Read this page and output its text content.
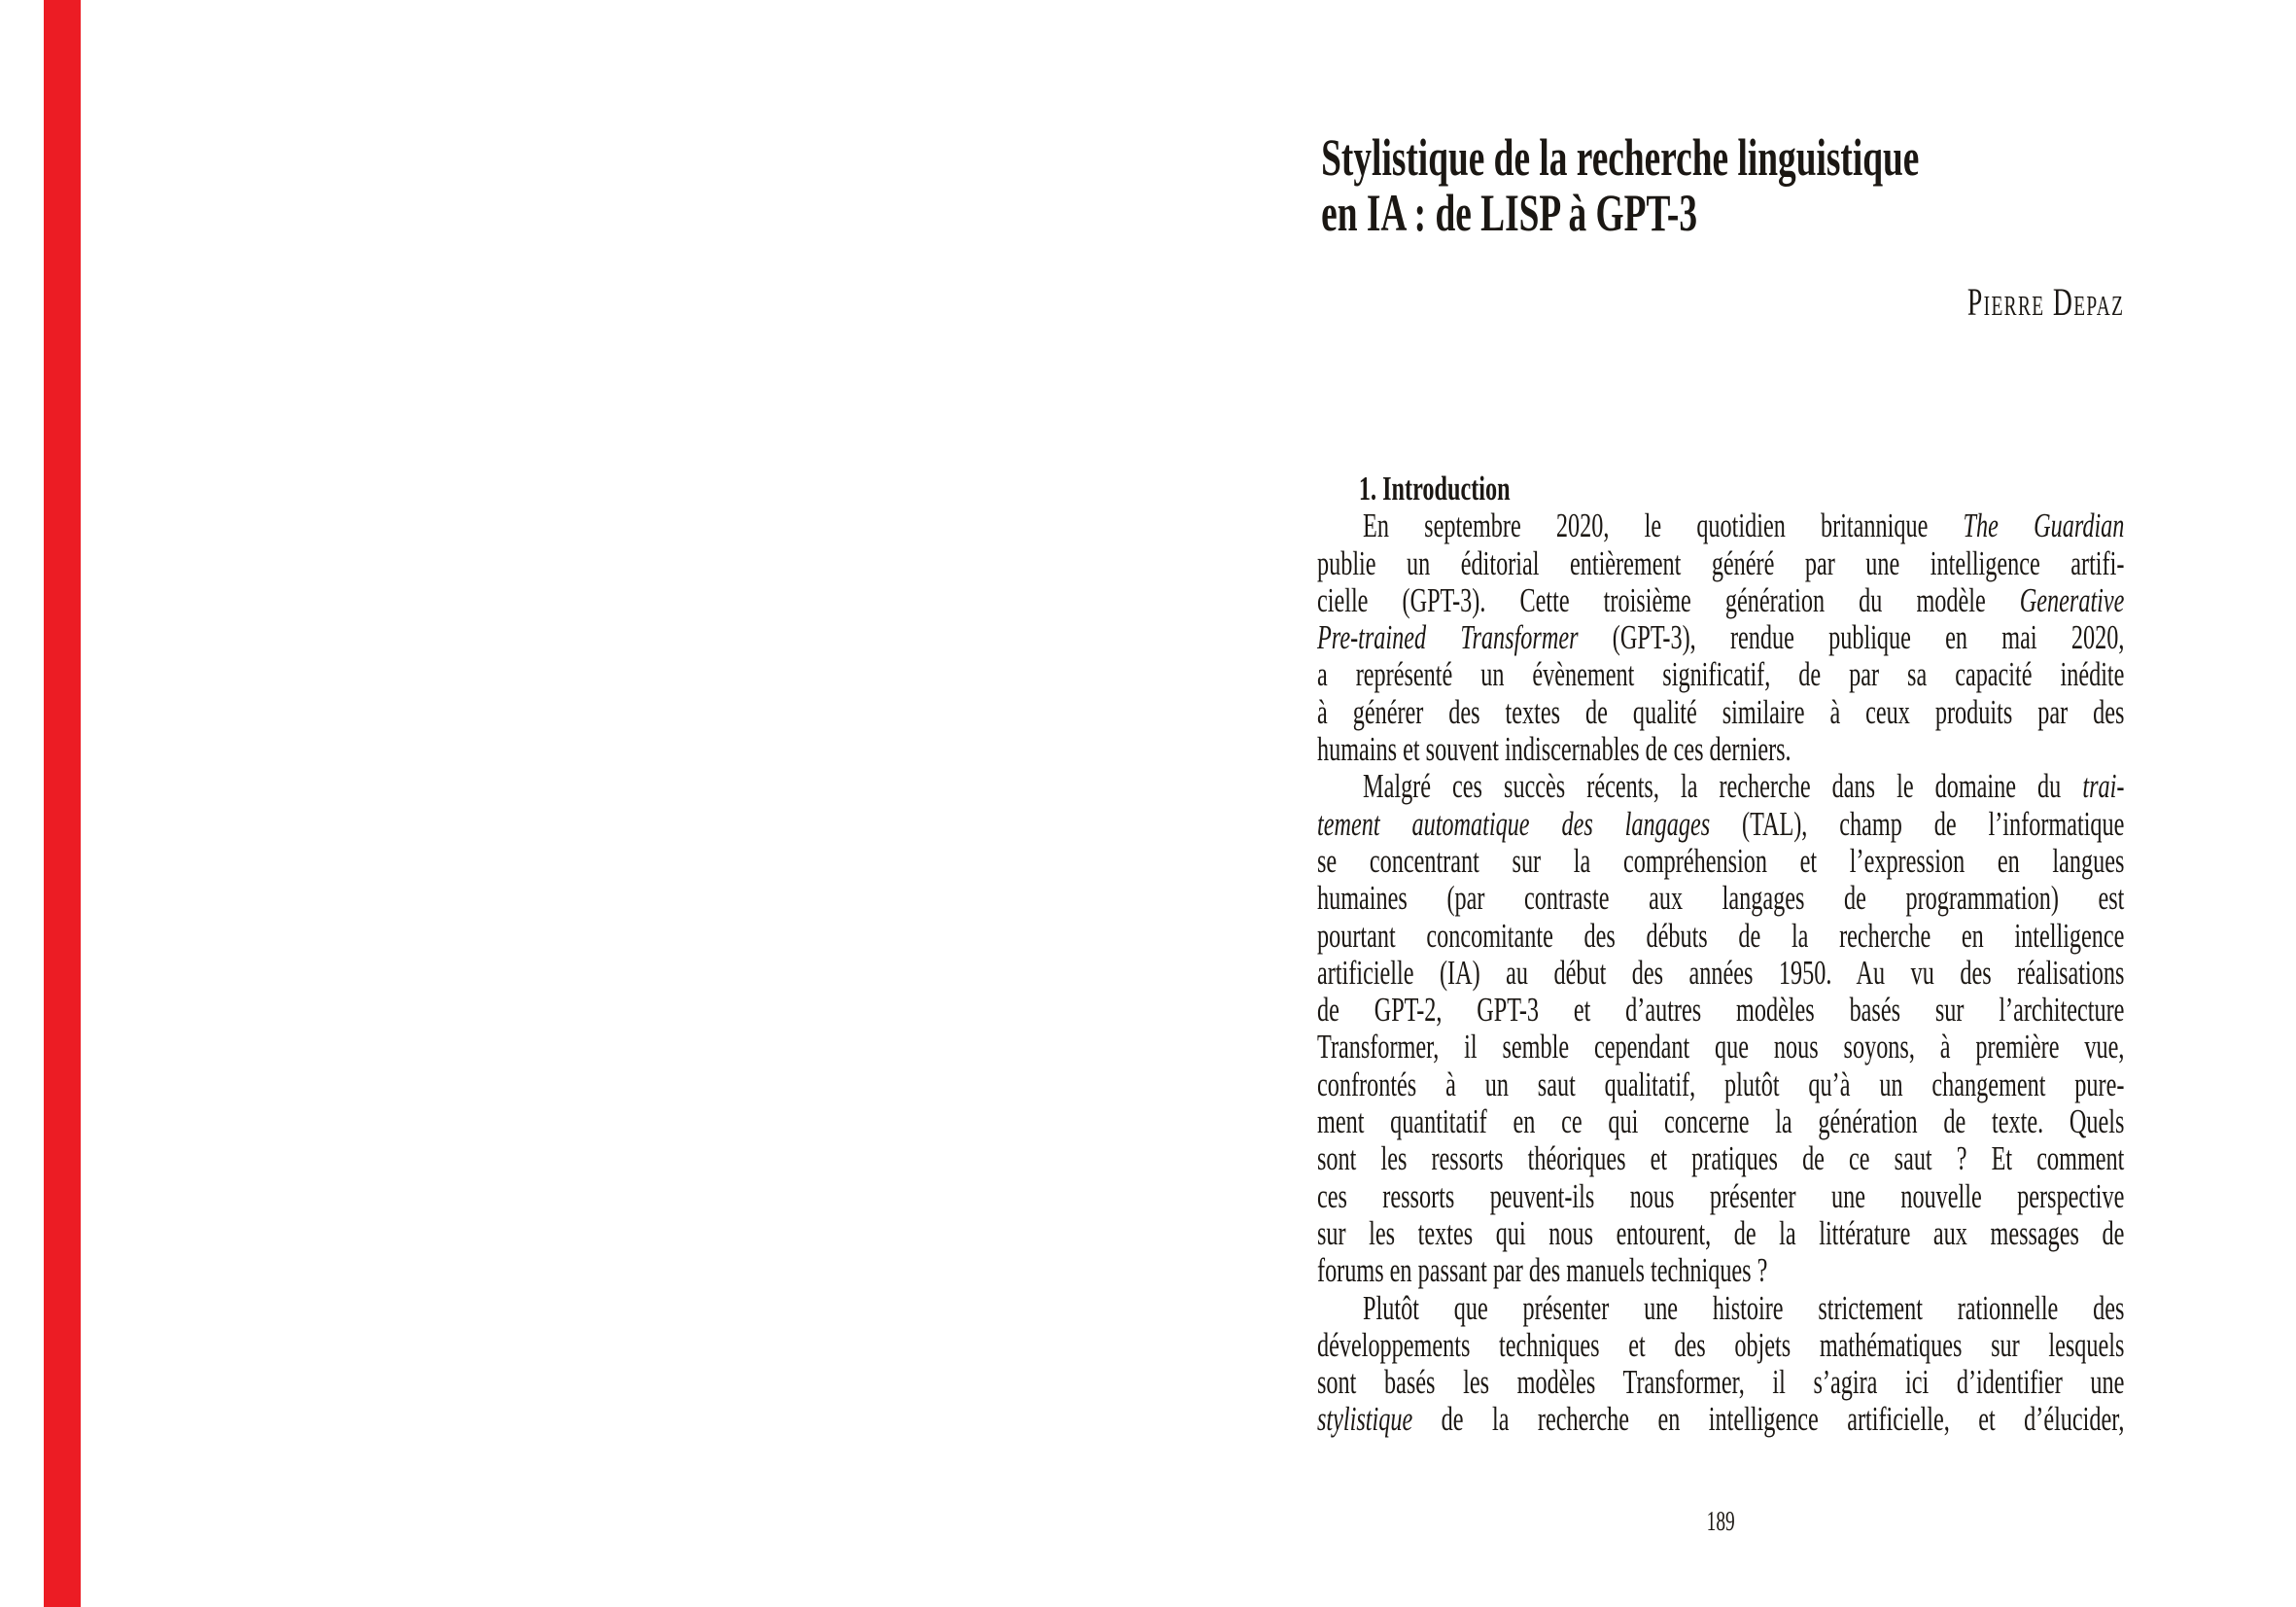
Stylistique de la recherche linguistique
en IA : de LISP à GPT-3
Pierre Depaz
1. Introduction
En septembre 2020, le quotidien britannique The Guardian
publie un éditorial entièrement généré par une intelligence artifi-
cielle (GPT-3). Cette troisième génération du modèle Generative
Pre-trained Transformer (GPT-3), rendue publique en mai 2020,
a représenté un évènement significatif, de par sa capacité inédite
à générer des textes de qualité similaire à ceux produits par des
humains et souvent indiscernables de ces derniers.
Malgré ces succès récents, la recherche dans le domaine du trai-
tement automatique des langages (TAL), champ de l’informatique
se concentrant sur la compréhension et l’expression en langues
humaines (par contraste aux langages de programmation) est
pourtant concomitante des débuts de la recherche en intelligence
artificielle (IA) au début des années 1950. Au vu des réalisations
de GPT-2, GPT-3 et d’autres modèles basés sur l’architecture
Transformer, il semble cependant que nous soyons, à première vue,
confrontés à un saut qualitatif, plutôt qu’à un changement pure-
ment quantitatif en ce qui concerne la génération de texte. Quels
sont les ressorts théoriques et pratiques de ce saut ? Et comment
ces ressorts peuvent-ils nous présenter une nouvelle perspective
sur les textes qui nous entourent, de la littérature aux messages de
forums en passant par des manuels techniques ?
Plutôt que présenter une histoire strictement rationnelle des
développements techniques et des objets mathématiques sur lesquels
sont basés les modèles Transformer, il s’agira ici d’identifier une
stylistique de la recherche en intelligence artificielle, et d’élucider,
189
